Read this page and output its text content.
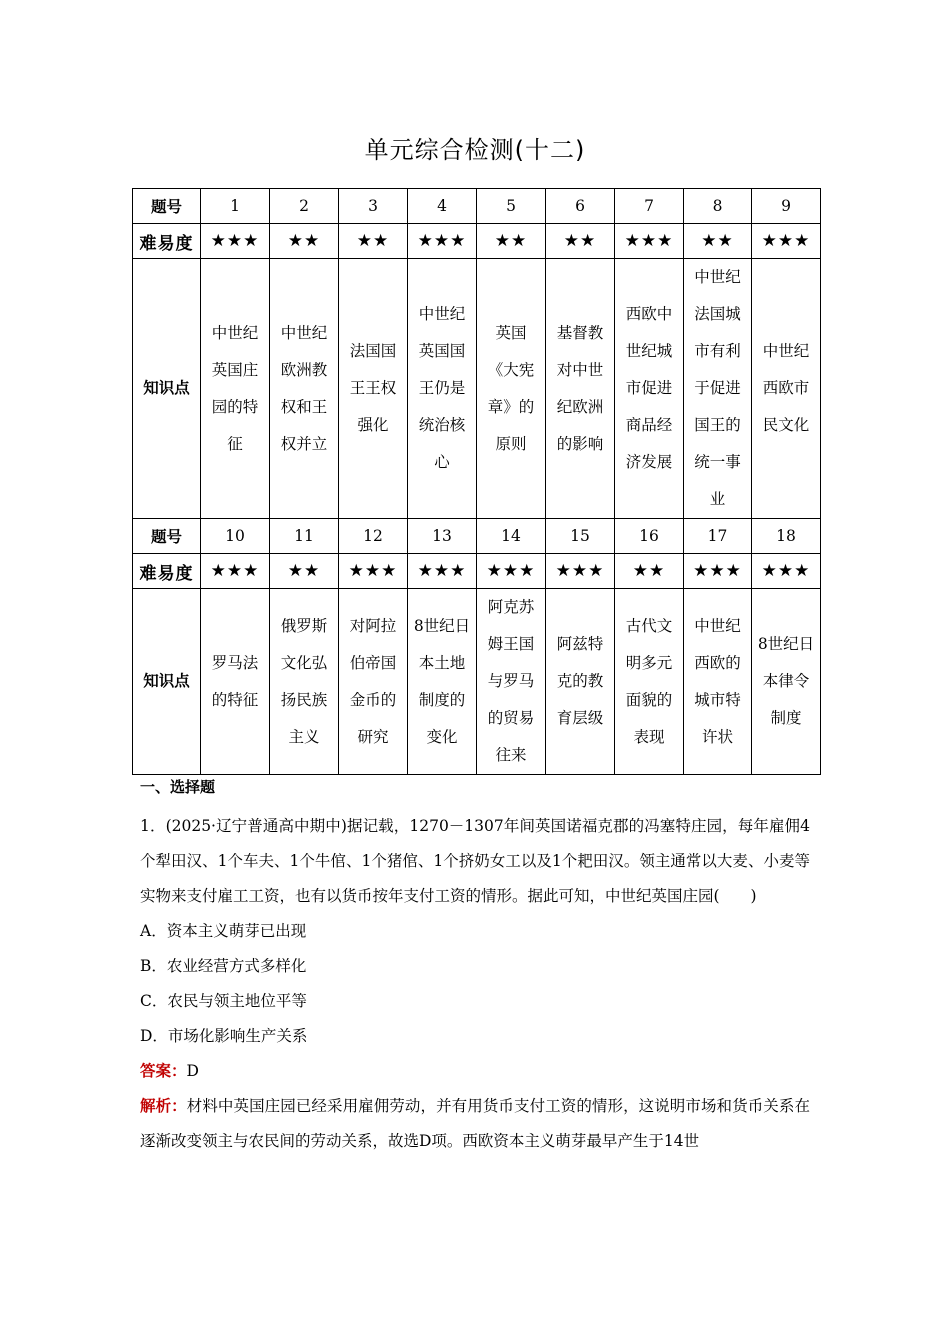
单元综合检测(十二)
题号	1	2	3	4	5	6	7	8	9
难易度	★★★	★★	★★	★★★	★★	★★	★★★	★★	★★★
知识点	中世纪英国庄园的特征	中世纪欧洲教权和王权并立	法国国王王权强化	中世纪英国国王仍是统治核心	英国《大宪章》的原则	基督教对中世纪欧洲的影响	西欧中世纪城市促进商品经济发展	中世纪法国城市有利于促进国王的统一事业	中世纪西欧市民文化
题号	10	11	12	13	14	15	16	17	18
难易度	★★★	★★	★★★	★★★	★★★	★★★	★★	★★★	★★★
知识点	罗马法的特征	俄罗斯文化弘扬民族主义	对阿拉伯帝国金币的研究	8世纪日本土地制度的变化	阿克苏姆王国与罗马的贸易往来	阿兹特克的教育层级	古代文明多元面貌的表现	中世纪西欧的城市特许状	8世纪日本律令制度
一、选择题

1．(2025·辽宁普通高中期中)据记载，1270－1307年间英国诺福克郡的冯塞特庄园，每年雇佣4个犁田汉、1个车夫、1个牛倌、1个猪倌、1个挤奶女工以及1个耙田汉。领主通常以大麦、小麦等实物来支付雇工工资，也有以货币按年支付工资的情形。据此可知，中世纪英国庄园(　　)

A．资本主义萌芽已出现

B．农业经营方式多样化

C．农民与领主地位平等

D．市场化影响生产关系

答案：D

解析：材料中英国庄园已经采用雇佣劳动，并有用货币支付工资的情形，这说明市场和货币关系在逐渐改变领主与农民间的劳动关系，故选D项。西欧资本主义萌芽最早产生于14世
